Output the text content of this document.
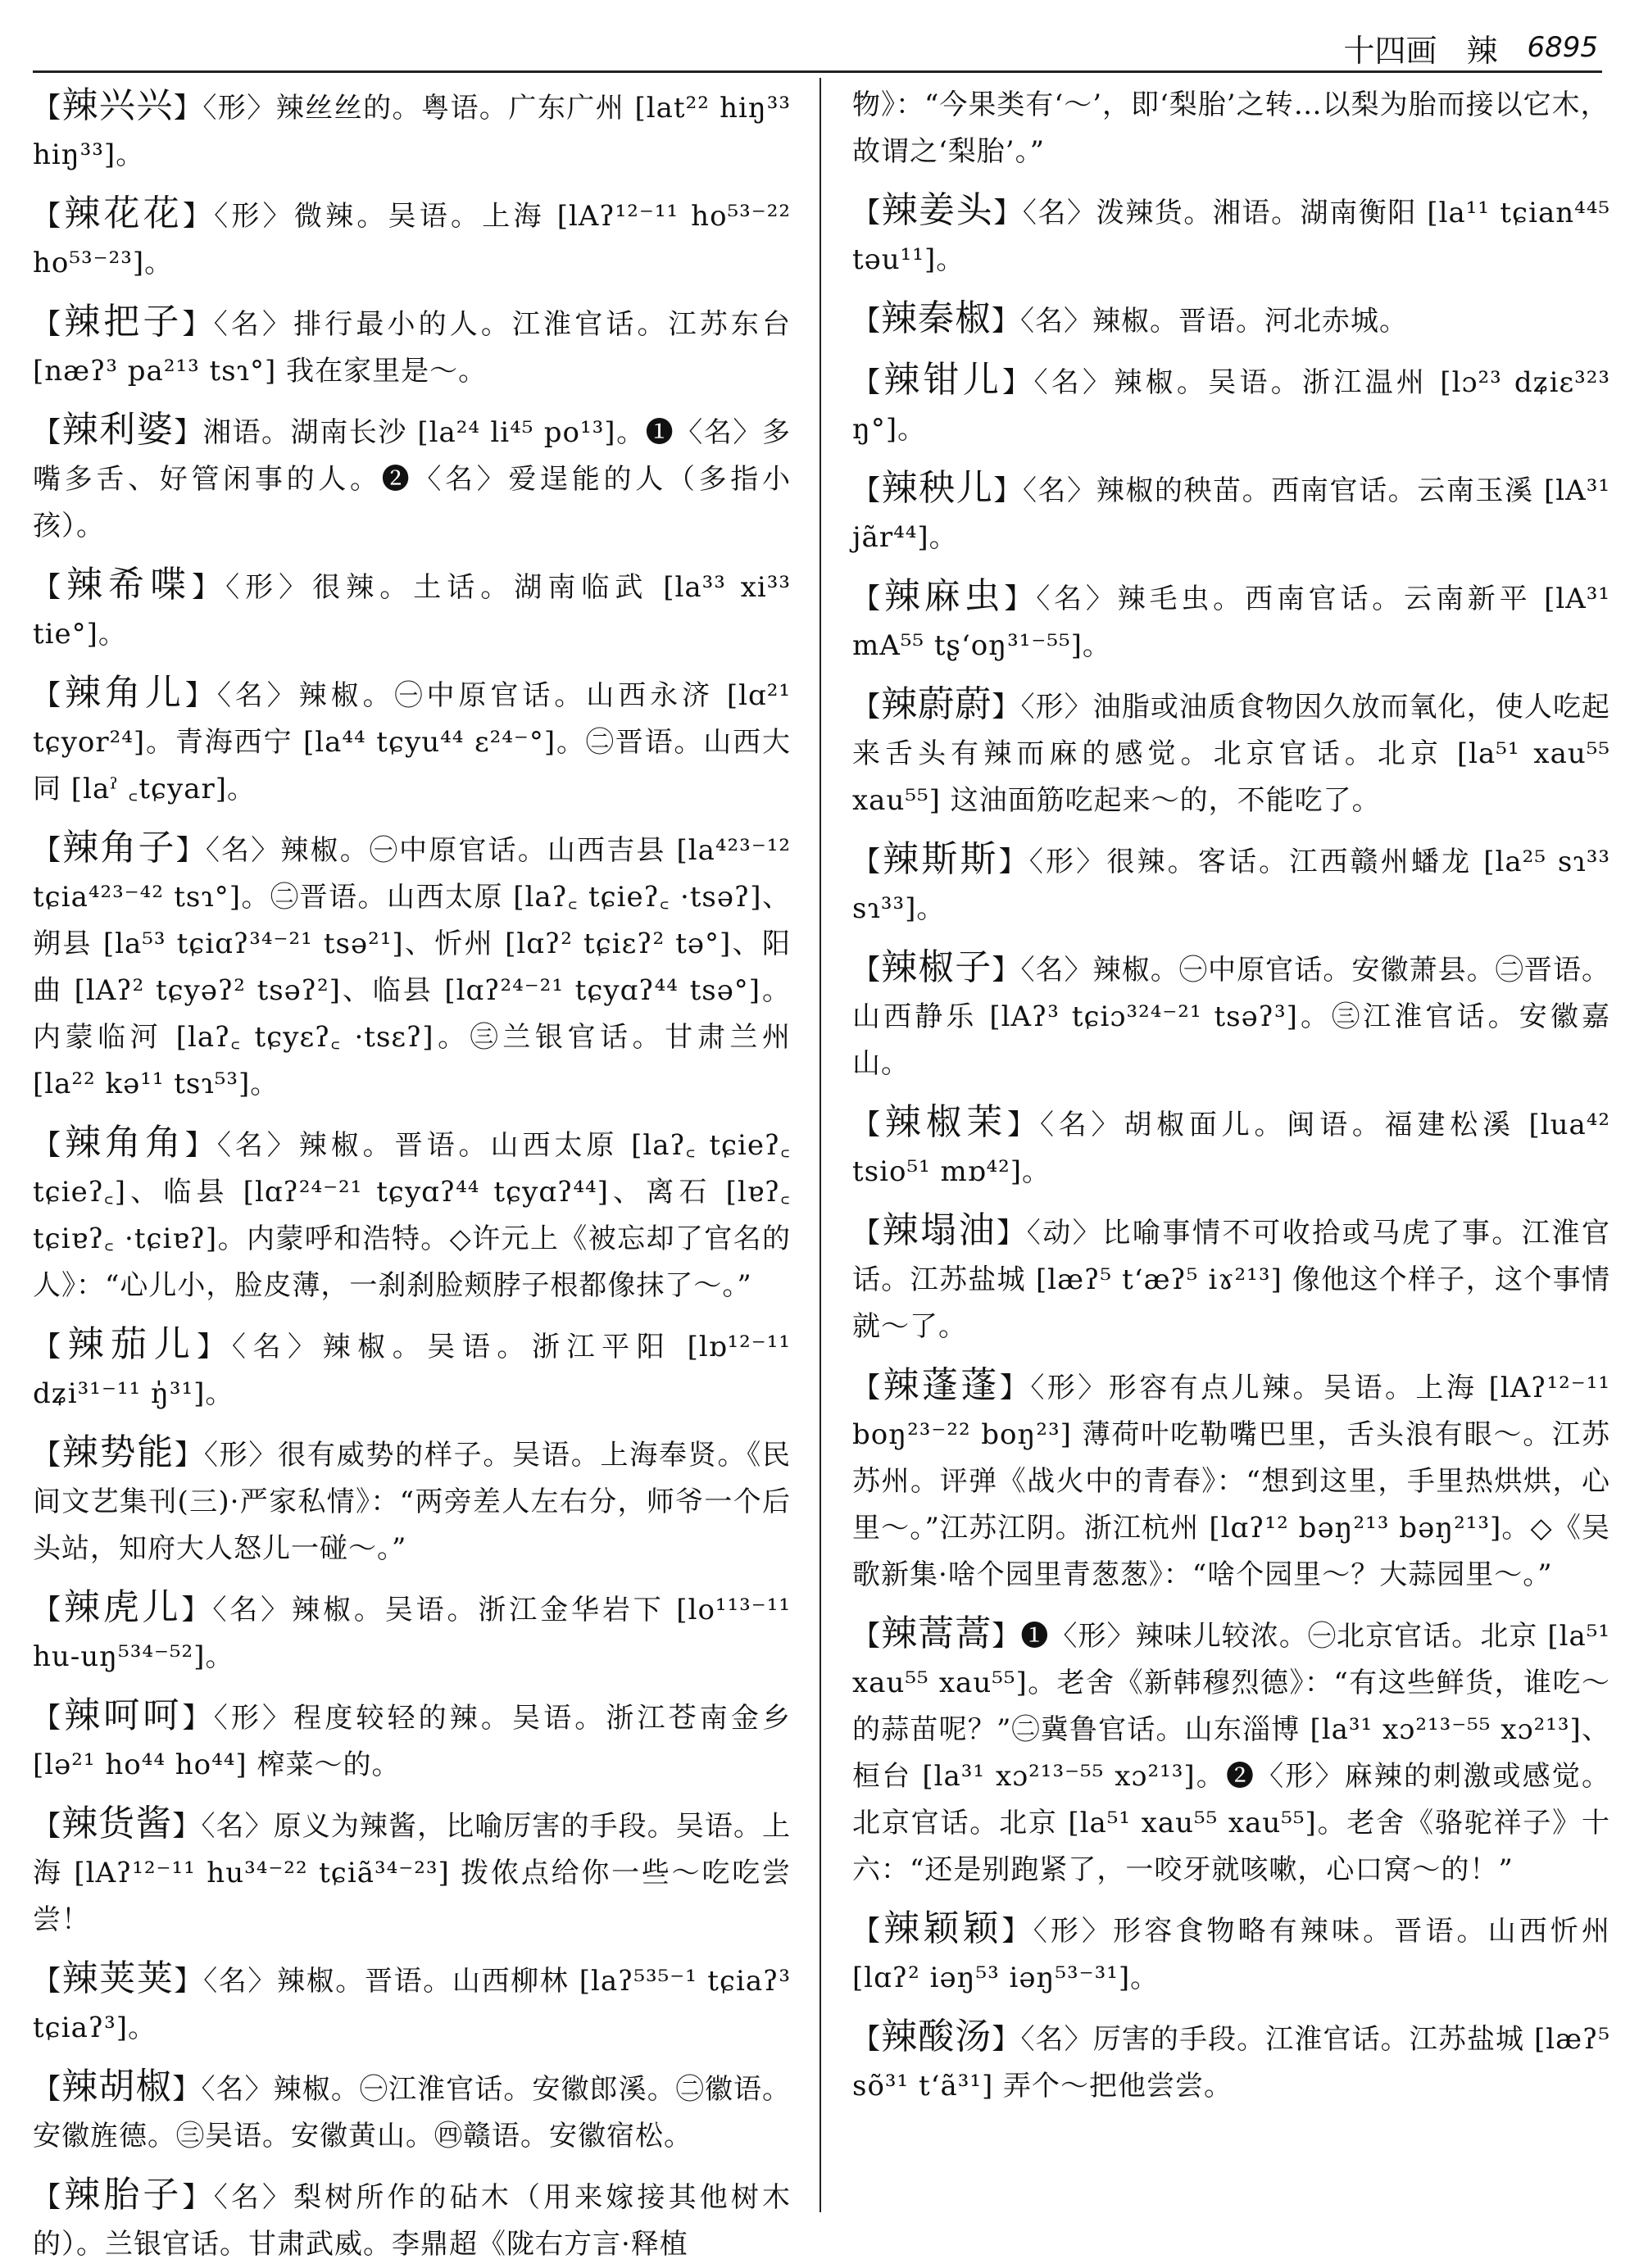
十四画 辣 6895

【辣兴兴】〈形〉辣丝丝的。粤语。广东广州 [lat²² hiŋ³³ hiŋ³³]。

【辣花花】〈形〉微辣。吴语。上海 [lAʔ¹²⁻¹¹ ho⁵³⁻²² ho⁵³⁻²³]。

【辣把子】〈名〉排行最小的人。江淮官话。江苏东台 [næʔ³ pa²¹³ tsɿ°] 我在家里是～。

【辣利婆】湘语。湖南长沙 [la²⁴ li⁴⁵ po¹³]。❶〈名〉多嘴多舌、好管闲事的人。❷〈名〉爱逞能的人（多指小孩）。

【辣希喋】〈形〉很辣。土话。湖南临武 [la³³ xi³³ tie°]。

【辣角儿】〈名〉辣椒。㊀中原官话。山西永济 [lɑ²¹ tɕyor²⁴]。青海西宁 [la⁴⁴ tɕyu⁴⁴ ɛ²⁴⁻°]。㊁晋语。山西大同 [laˀ ꜀tɕyar]。

【辣角子】〈名〉辣椒。㊀中原官话。山西吉县 [la⁴²³⁻¹² tɕia⁴²³⁻⁴² tsɿ°]。㊁晋语。山西太原 [laʔ꜀ tɕieʔ꜀ ·tsəʔ]、朔县 [la⁵³ tɕiɑʔ³⁴⁻²¹ tsə²¹]、忻州 [lɑʔ² tɕiɛʔ² tə°]、阳曲 [lAʔ² tɕyəʔ² tsəʔ²]、临县 [lɑʔ²⁴⁻²¹ tɕyɑʔ⁴⁴ tsə°]。内蒙临河 [laʔ꜀ tɕyɛʔ꜀ ·tsɛʔ]。㊂兰银官话。甘肃兰州 [la²² kə¹¹ tsɿ⁵³]。

【辣角角】〈名〉辣椒。晋语。山西太原 [laʔ꜀ tɕieʔ꜀ tɕieʔ꜀]、临县 [lɑʔ²⁴⁻²¹ tɕyɑʔ⁴⁴ tɕyɑʔ⁴⁴]、离石 [lɐʔ꜀ tɕiɐʔ꜀ ·tɕiɐʔ]。内蒙呼和浩特。◇许元上《被忘却了官名的人》：“心儿小，脸皮薄，一刹刹脸颊脖子根都像抹了～。”

【辣茄儿】〈名〉辣椒。吴语。浙江平阳 [lɒ¹²⁻¹¹ dʑi³¹⁻¹¹ ŋ̍³¹]。

【辣势能】〈形〉很有威势的样子。吴语。上海奉贤。《民间文艺集刊(三)·严家私情》：“两旁差人左右分，师爷一个后头站，知府大人怒儿一碰～。”

【辣虎儿】〈名〉辣椒。吴语。浙江金华岩下 [lo¹¹³⁻¹¹ hu-uŋ⁵³⁴⁻⁵²]。

【辣呵呵】〈形〉程度较轻的辣。吴语。浙江苍南金乡 [lə²¹ ho⁴⁴ ho⁴⁴] 榨菜～的。

【辣货酱】〈名〉原义为辣酱，比喻厉害的手段。吴语。上海 [lAʔ¹²⁻¹¹ hu³⁴⁻²² tɕiã³⁴⁻²³] 拨侬点给你一些～吃吃尝尝！

【辣荚荚】〈名〉辣椒。晋语。山西柳林 [laʔ⁵³⁵⁻¹ tɕiaʔ³ tɕiaʔ³]。

【辣胡椒】〈名〉辣椒。㊀江淮官话。安徽郎溪。㊁徽语。安徽旌德。㊂吴语。安徽黄山。㊃赣语。安徽宿松。

【辣胎子】〈名〉梨树所作的砧木（用来嫁接其他树木的）。兰银官话。甘肃武威。李鼎超《陇右方言·释植

物》：“今果类有‘～’，即‘梨胎’之转…以梨为胎而接以它木，故谓之‘梨胎’。”

【辣姜头】〈名〉泼辣货。湘语。湖南衡阳 [la¹¹ tɕian⁴⁴⁵ təu¹¹]。

【辣秦椒】〈名〉辣椒。晋语。河北赤城。

【辣钳儿】〈名〉辣椒。吴语。浙江温州 [lɔ²³ dʑiɛ³²³ ŋ°]。

【辣秧儿】〈名〉辣椒的秧苗。西南官话。云南玉溪 [lA³¹ jãr⁴⁴]。

【辣麻虫】〈名〉辣毛虫。西南官话。云南新平 [lA³¹ mA⁵⁵ tʂʻoŋ³¹⁻⁵⁵]。

【辣蔚蔚】〈形〉油脂或油质食物因久放而氧化，使人吃起来舌头有辣而麻的感觉。北京官话。北京 [la⁵¹ xau⁵⁵ xau⁵⁵] 这油面筋吃起来～的，不能吃了。

【辣斯斯】〈形〉很辣。客话。江西赣州蟠龙 [la²⁵ sɿ³³ sɿ³³]。

【辣椒子】〈名〉辣椒。㊀中原官话。安徽萧县。㊁晋语。山西静乐 [lAʔ³ tɕiɔ³²⁴⁻²¹ tsəʔ³]。㊂江淮官话。安徽嘉山。

【辣椒茉】〈名〉胡椒面儿。闽语。福建松溪 [lua⁴² tsio⁵¹ mɒ⁴²]。

【辣塌油】〈动〉比喻事情不可收拾或马虎了事。江淮官话。江苏盐城 [læʔ⁵ tʻæʔ⁵ iɤ²¹³] 像他这个样子，这个事情就～了。

【辣蓬蓬】〈形〉形容有点儿辣。吴语。上海 [lAʔ¹²⁻¹¹ boŋ²³⁻²² boŋ²³] 薄荷叶吃勒嘴巴里，舌头浪有眼～。江苏苏州。评弹《战火中的青春》：“想到这里，手里热烘烘，心里～。”江苏江阴。浙江杭州 [lɑʔ¹² bəŋ²¹³ bəŋ²¹³]。◇《吴歌新集·啥个园里青葱葱》：“啥个园里～？大蒜园里～。”

【辣蒿蒿】❶〈形〉辣味儿较浓。㊀北京官话。北京 [la⁵¹ xau⁵⁵ xau⁵⁵]。老舍《新韩穆烈德》：“有这些鲜货，谁吃～的蒜苗呢？”㊁冀鲁官话。山东淄博 [la³¹ xɔ²¹³⁻⁵⁵ xɔ²¹³]、桓台 [la³¹ xɔ²¹³⁻⁵⁵ xɔ²¹³]。❷〈形〉麻辣的刺激或感觉。北京官话。北京 [la⁵¹ xau⁵⁵ xau⁵⁵]。老舍《骆驼祥子》十六：“还是别跑紧了，一咬牙就咳嗽，心口窝～的！”

【辣颖颖】〈形〉形容食物略有辣味。晋语。山西忻州 [lɑʔ² iəŋ⁵³ iəŋ⁵³⁻³¹]。

【辣酸汤】〈名〉厉害的手段。江淮官话。江苏盐城 [læʔ⁵ sõ³¹ tʻã³¹] 弄个～把他尝尝。
